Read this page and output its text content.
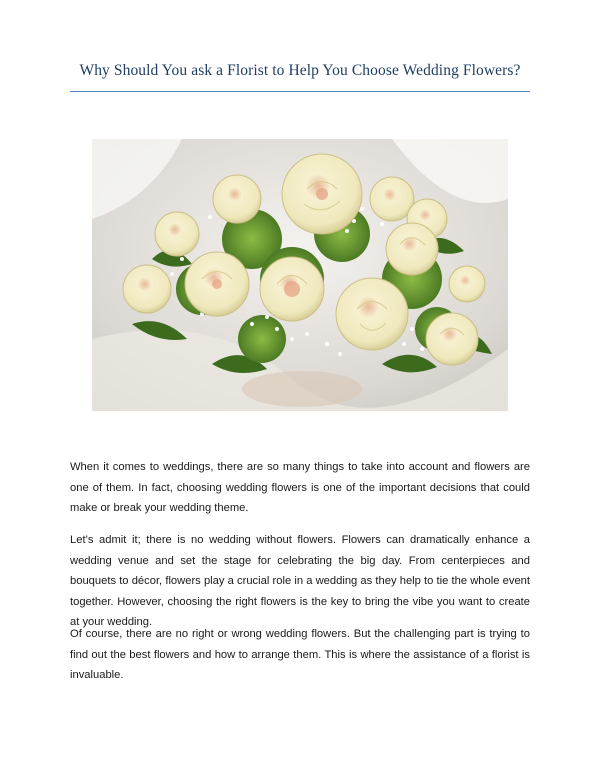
Why Should You ask a Florist to Help You Choose Wedding Flowers?

When it comes to weddings, there are so many things to take into account and flowers are one of them. In fact, choosing wedding flowers is one of the important decisions that could make or break your wedding theme.

Let’s admit it; there is no wedding without flowers. Flowers can dramatically enhance a wedding venue and set the stage for celebrating the big day. From centerpieces and bouquets to décor, flowers play a crucial role in a wedding as they help to tie the whole event together. However, choosing the right flowers is the key to bring the vibe you want to create at your wedding.

Of course, there are no right or wrong wedding flowers. But the challenging part is trying to find out the best flowers and how to arrange them. This is where the assistance of a florist is invaluable.
